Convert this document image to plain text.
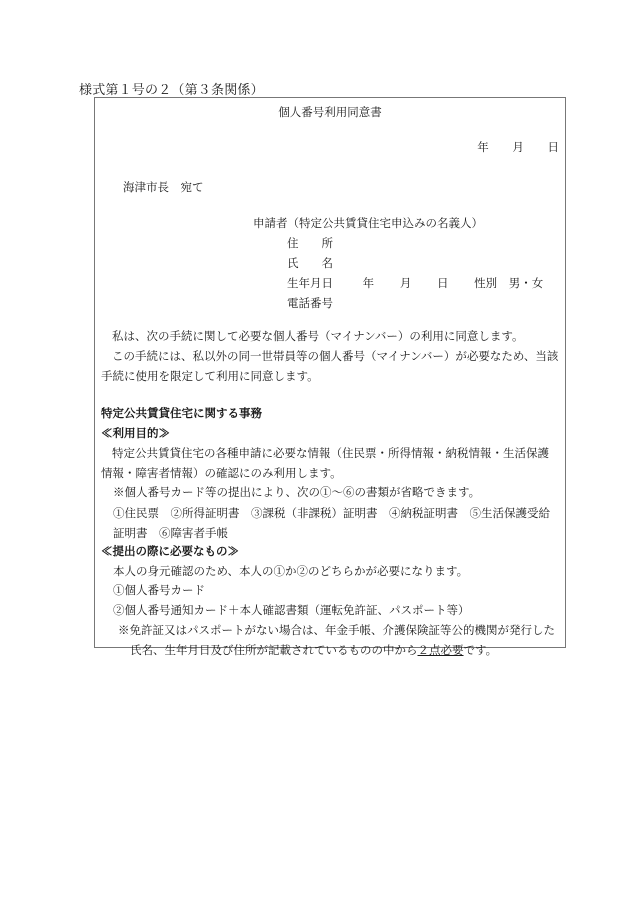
様式第１号の２（第３条関係）
個人番号利用同意書
年 月 日
海津市長　宛て
申請者（特定公共賃貸住宅申込みの名義人）
住 所
氏 名
生年月日	年 月 日 性別 男・女
電話番号
私は、次の手続に関して必要な個人番号（マイナンバー）の利用に同意します。
この手続には、私以外の同一世帯員等の個人番号（マイナンバー）が必要なため、当該手続に使用を限定して利用に同意します。
特定公共賃貸住宅に関する事務
≪利用目的≫
特定公共賃貸住宅の各種申請に必要な情報（住民票・所得情報・納税情報・生活保護情報・障害者情報）の確認にのみ利用します。
※個人番号カード等の提出により、次の①～⑥の書類が省略できます。
①住民票　②所得証明書　③課税（非課税）証明書　④納税証明書　⑤生活保護受給証明書　⑥障害者手帳
≪提出の際に必要なもの≫
本人の身元確認のため、本人の①か②のどちらかが必要になります。
①個人番号カード
②個人番号通知カード＋本人確認書類（運転免許証、パスポート等）
※免許証又はパスポートがない場合は、年金手帳、介護保険証等公的機関が発行した氏名、生年月日及び住所が記載されているものの中から２点必要です。
